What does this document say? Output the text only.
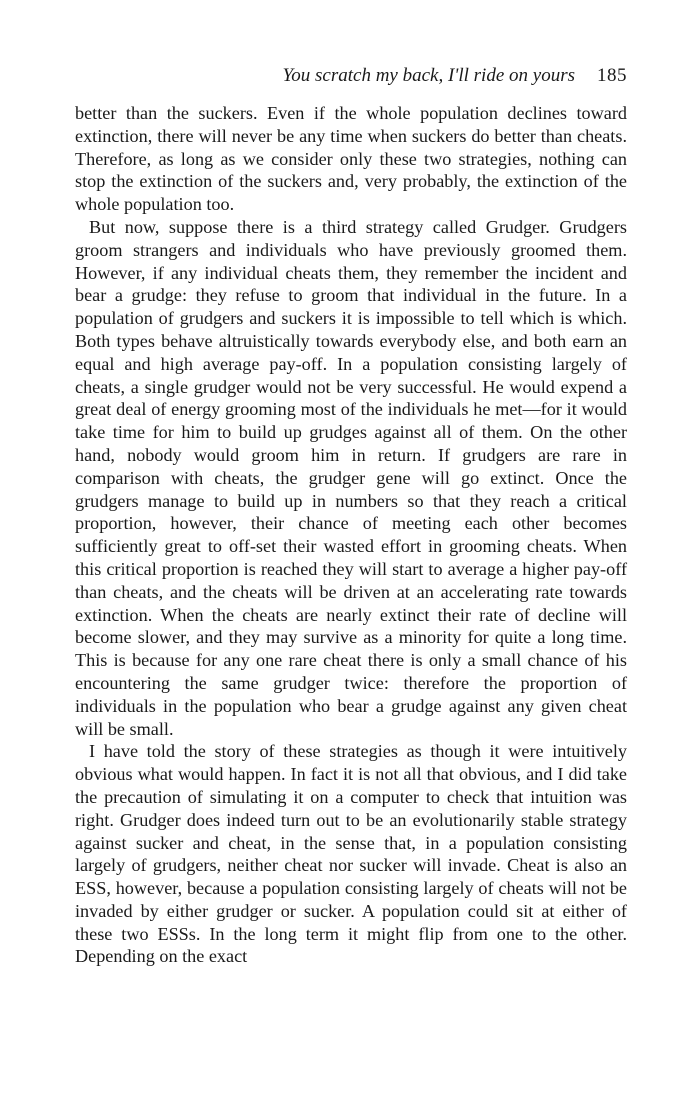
You scratch my back, I'll ride on yours 185

better than the suckers. Even if the whole population declines toward extinction, there will never be any time when suckers do better than cheats. Therefore, as long as we consider only these two strategies, nothing can stop the extinction of the suckers and, very probably, the extinction of the whole population too.

But now, suppose there is a third strategy called Grudger. Grudgers groom strangers and individuals who have previously groomed them. However, if any individual cheats them, they remember the incident and bear a grudge: they refuse to groom that individual in the future. In a population of grudgers and suckers it is impossible to tell which is which. Both types behave altruistically towards everybody else, and both earn an equal and high average pay-off. In a population consisting largely of cheats, a single grudger would not be very successful. He would expend a great deal of energy grooming most of the individuals he met—for it would take time for him to build up grudges against all of them. On the other hand, nobody would groom him in return. If grudgers are rare in comparison with cheats, the grudger gene will go extinct. Once the grudgers manage to build up in numbers so that they reach a critical proportion, however, their chance of meeting each other becomes sufficiently great to off-set their wasted effort in grooming cheats. When this critical proportion is reached they will start to average a higher pay-off than cheats, and the cheats will be driven at an accelerating rate towards extinction. When the cheats are nearly extinct their rate of decline will become slower, and they may survive as a minority for quite a long time. This is because for any one rare cheat there is only a small chance of his encountering the same grudger twice: therefore the proportion of individuals in the population who bear a grudge against any given cheat will be small.

I have told the story of these strategies as though it were intuitively obvious what would happen. In fact it is not all that obvious, and I did take the precaution of simulating it on a computer to check that intuition was right. Grudger does indeed turn out to be an evolutionarily stable strategy against sucker and cheat, in the sense that, in a population consisting largely of grudgers, neither cheat nor sucker will invade. Cheat is also an ESS, however, because a population consisting largely of cheats will not be invaded by either grudger or sucker. A population could sit at either of these two ESSs. In the long term it might flip from one to the other. Depending on the exact
